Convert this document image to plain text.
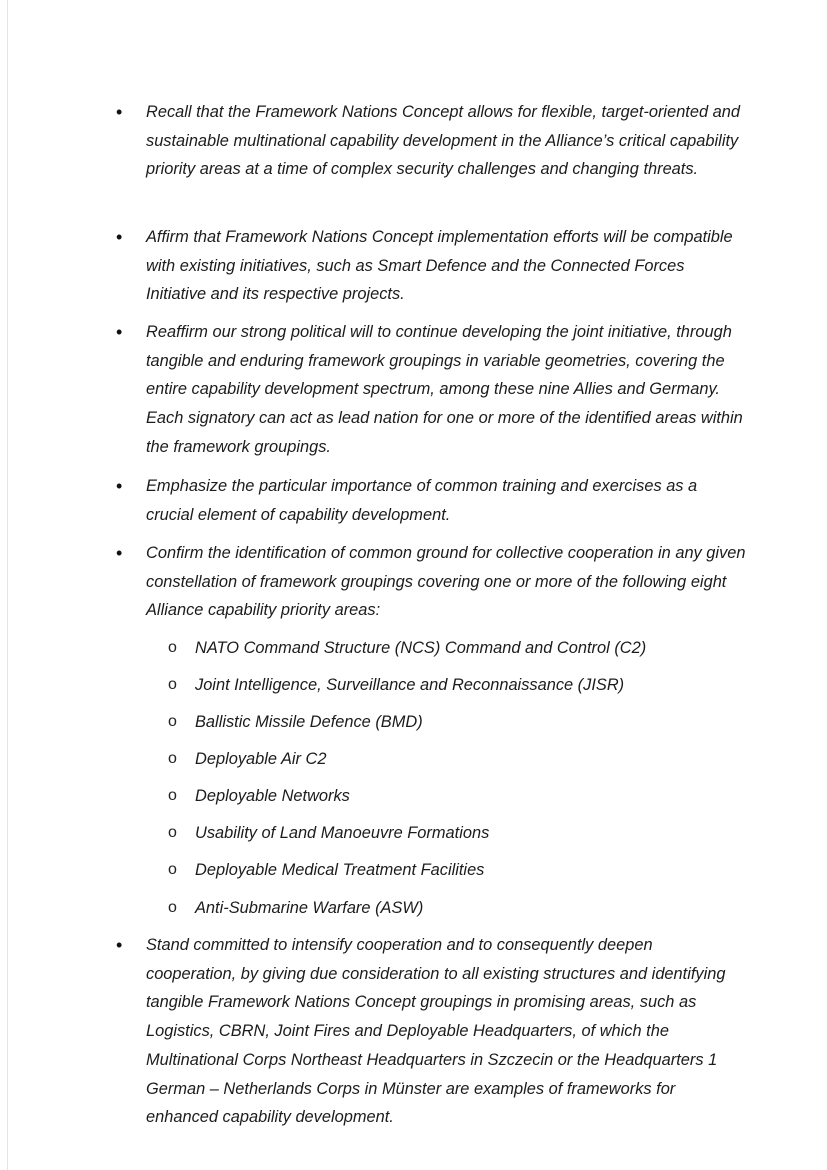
• Recall that the Framework Nations Concept allows for flexible, target-oriented and sustainable multinational capability development in the Alliance’s critical capability priority areas at a time of complex security challenges and changing threats.

• Affirm that Framework Nations Concept implementation efforts will be compatible with existing initiatives, such as Smart Defence and the Connected Forces Initiative and its respective projects.

• Reaffirm our strong political will to continue developing the joint initiative, through tangible and enduring framework groupings in variable geometries, covering the entire capability development spectrum, among these nine Allies and Germany. Each signatory can act as lead nation for one or more of the identified areas within the framework groupings.

• Emphasize the particular importance of common training and exercises as a crucial element of capability development.

• Confirm the identification of common ground for collective cooperation in any given constellation of framework groupings covering one or more of the following eight Alliance capability priority areas:

o NATO Command Structure (NCS) Command and Control (C2)
o Joint Intelligence, Surveillance and Reconnaissance (JISR)
o Ballistic Missile Defence (BMD)
o Deployable Air C2
o Deployable Networks
o Usability of Land Manoeuvre Formations
o Deployable Medical Treatment Facilities
o Anti-Submarine Warfare (ASW)
• Stand committed to intensify cooperation and to consequently deepen cooperation, by giving due consideration to all existing structures and identifying tangible Framework Nations Concept groupings in promising areas, such as Logistics, CBRN, Joint Fires and Deployable Headquarters, of which the Multinational Corps Northeast Headquarters in Szczecin or the Headquarters 1 German – Netherlands Corps in Münster are examples of frameworks for enhanced capability development.
